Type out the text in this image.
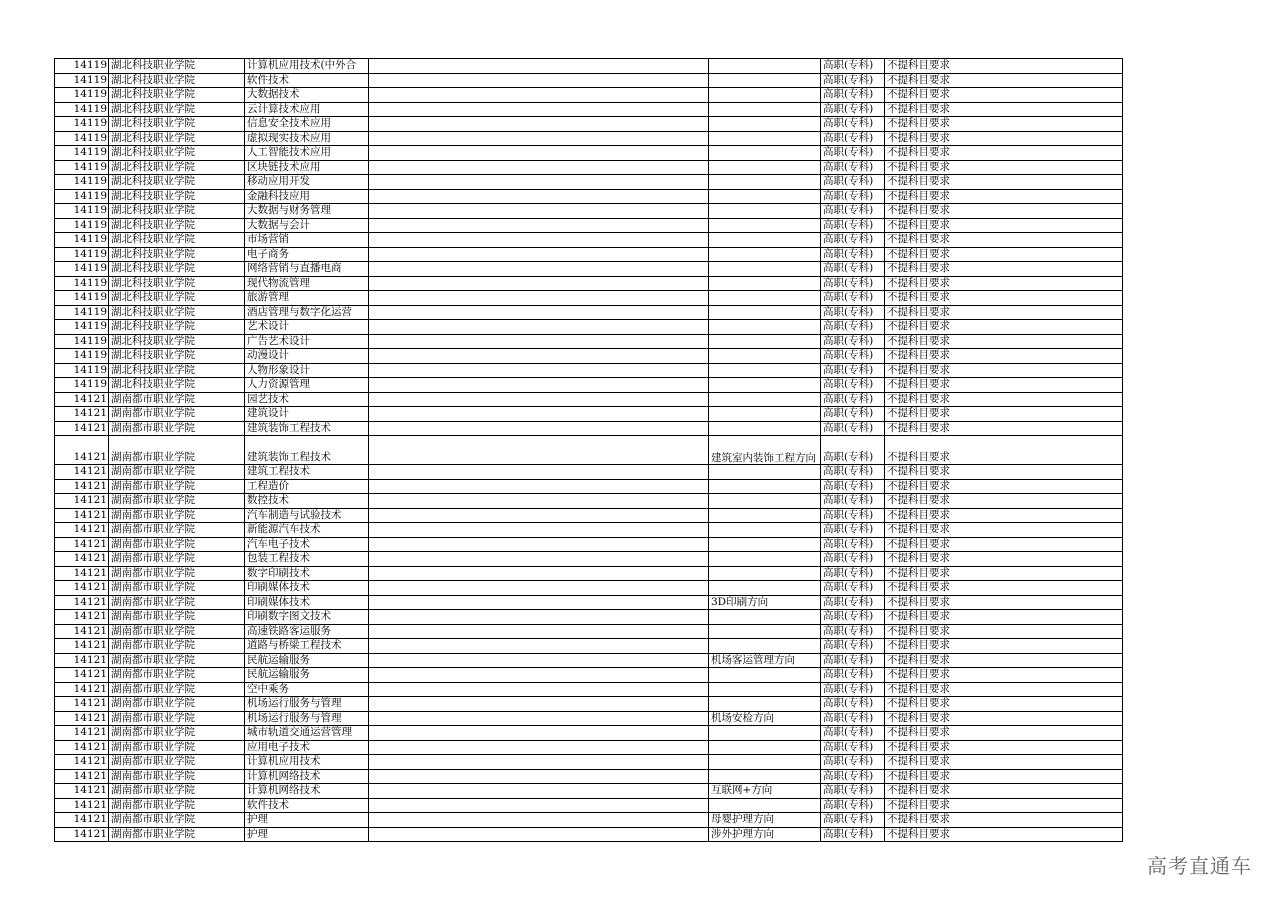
14119	湖北科技职业学院	计算机应用技术(中外合			高职(专科)	不提科目要求
14119	湖北科技职业学院	软件技术			高职(专科)	不提科目要求
14119	湖北科技职业学院	大数据技术			高职(专科)	不提科目要求
14119	湖北科技职业学院	云计算技术应用			高职(专科)	不提科目要求
14119	湖北科技职业学院	信息安全技术应用			高职(专科)	不提科目要求
14119	湖北科技职业学院	虚拟现实技术应用			高职(专科)	不提科目要求
14119	湖北科技职业学院	人工智能技术应用			高职(专科)	不提科目要求
14119	湖北科技职业学院	区块链技术应用			高职(专科)	不提科目要求
14119	湖北科技职业学院	移动应用开发			高职(专科)	不提科目要求
14119	湖北科技职业学院	金融科技应用			高职(专科)	不提科目要求
14119	湖北科技职业学院	大数据与财务管理			高职(专科)	不提科目要求
14119	湖北科技职业学院	大数据与会计			高职(专科)	不提科目要求
14119	湖北科技职业学院	市场营销			高职(专科)	不提科目要求
14119	湖北科技职业学院	电子商务			高职(专科)	不提科目要求
14119	湖北科技职业学院	网络营销与直播电商			高职(专科)	不提科目要求
14119	湖北科技职业学院	现代物流管理			高职(专科)	不提科目要求
14119	湖北科技职业学院	旅游管理			高职(专科)	不提科目要求
14119	湖北科技职业学院	酒店管理与数字化运营			高职(专科)	不提科目要求
14119	湖北科技职业学院	艺术设计			高职(专科)	不提科目要求
14119	湖北科技职业学院	广告艺术设计			高职(专科)	不提科目要求
14119	湖北科技职业学院	动漫设计			高职(专科)	不提科目要求
14119	湖北科技职业学院	人物形象设计			高职(专科)	不提科目要求
14119	湖北科技职业学院	人力资源管理			高职(专科)	不提科目要求
14121	湖南都市职业学院	园艺技术			高职(专科)	不提科目要求
14121	湖南都市职业学院	建筑设计			高职(专科)	不提科目要求
14121	湖南都市职业学院	建筑装饰工程技术			高职(专科)	不提科目要求
14121	湖南都市职业学院	建筑装饰工程技术		建筑室内装饰工程方向	高职(专科)	不提科目要求
14121	湖南都市职业学院	建筑工程技术			高职(专科)	不提科目要求
14121	湖南都市职业学院	工程造价			高职(专科)	不提科目要求
14121	湖南都市职业学院	数控技术			高职(专科)	不提科目要求
14121	湖南都市职业学院	汽车制造与试验技术			高职(专科)	不提科目要求
14121	湖南都市职业学院	新能源汽车技术			高职(专科)	不提科目要求
14121	湖南都市职业学院	汽车电子技术			高职(专科)	不提科目要求
14121	湖南都市职业学院	包装工程技术			高职(专科)	不提科目要求
14121	湖南都市职业学院	数字印刷技术			高职(专科)	不提科目要求
14121	湖南都市职业学院	印刷媒体技术			高职(专科)	不提科目要求
14121	湖南都市职业学院	印刷媒体技术		3D印刷方向	高职(专科)	不提科目要求
14121	湖南都市职业学院	印刷数字图文技术			高职(专科)	不提科目要求
14121	湖南都市职业学院	高速铁路客运服务			高职(专科)	不提科目要求
14121	湖南都市职业学院	道路与桥梁工程技术			高职(专科)	不提科目要求
14121	湖南都市职业学院	民航运输服务		机场客运管理方向	高职(专科)	不提科目要求
14121	湖南都市职业学院	民航运输服务			高职(专科)	不提科目要求
14121	湖南都市职业学院	空中乘务			高职(专科)	不提科目要求
14121	湖南都市职业学院	机场运行服务与管理			高职(专科)	不提科目要求
14121	湖南都市职业学院	机场运行服务与管理		机场安检方向	高职(专科)	不提科目要求
14121	湖南都市职业学院	城市轨道交通运营管理			高职(专科)	不提科目要求
14121	湖南都市职业学院	应用电子技术			高职(专科)	不提科目要求
14121	湖南都市职业学院	计算机应用技术			高职(专科)	不提科目要求
14121	湖南都市职业学院	计算机网络技术			高职(专科)	不提科目要求
14121	湖南都市职业学院	计算机网络技术		互联网+方向	高职(专科)	不提科目要求
14121	湖南都市职业学院	软件技术			高职(专科)	不提科目要求
14121	湖南都市职业学院	护理		母婴护理方向	高职(专科)	不提科目要求
14121	湖南都市职业学院	护理		涉外护理方向	高职(专科)	不提科目要求
高考直通车
